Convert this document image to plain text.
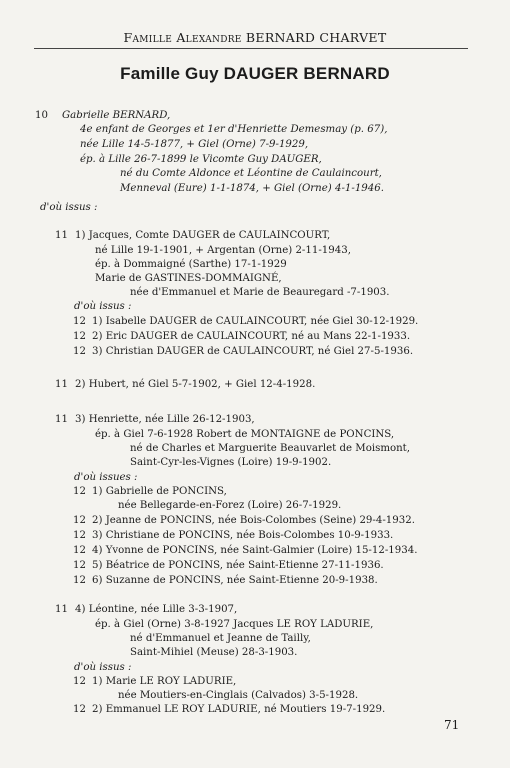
Famille Alexandre BERNARD CHARVET
Famille Guy DAUGER BERNARD
10 Gabrielle BERNARD,
4e enfant de Georges et 1er d'Henriette Demesmay (p. 67),
née Lille 14-5-1877, + Giel (Orne) 7-9-1929,
ép. à Lille 26-7-1899 le Vicomte Guy DAUGER,
né du Comte Aldonce et Léontine de Caulaincourt,
Menneval (Eure) 1-1-1874, + Giel (Orne) 4-1-1946.
d'où issus :
11 1) Jacques, Comte DAUGER de CAULAINCOURT,
né Lille 19-1-1901, + Argentan (Orne) 2-11-1943,
ép. à Dommaigné (Sarthe) 17-1-1929
Marie de GASTINES-DOMMAIGNÉ,
née d'Emmanuel et Marie de Beauregard -7-1903.
d'où issus :
12 1) Isabelle DAUGER de CAULAINCOURT, née Giel 30-12-1929.
12 2) Eric DAUGER de CAULAINCOURT, né au Mans 22-1-1933.
12 3) Christian DAUGER de CAULAINCOURT, né Giel 27-5-1936.
11 2) Hubert, né Giel 5-7-1902, + Giel 12-4-1928.
11 3) Henriette, née Lille 26-12-1903,
ép. à Giel 7-6-1928 Robert de MONTAIGNE de PONCINS,
né de Charles et Marguerite Beauvarlet de Moismont,
Saint-Cyr-les-Vignes (Loire) 19-9-1902.
d'où issues :
12 1) Gabrielle de PONCINS,
née Bellegarde-en-Forez (Loire) 26-7-1929.
12 2) Jeanne de PONCINS, née Bois-Colombes (Seine) 29-4-1932.
12 3) Christiane de PONCINS, née Bois-Colombes 10-9-1933.
12 4) Yvonne de PONCINS, née Saint-Galmier (Loire) 15-12-1934.
12 5) Béatrice de PONCINS, née Saint-Etienne 27-11-1936.
12 6) Suzanne de PONCINS, née Saint-Etienne 20-9-1938.
11 4) Léontine, née Lille 3-3-1907,
ép. à Giel (Orne) 3-8-1927 Jacques LE ROY LADURIE,
né d'Emmanuel et Jeanne de Tailly,
Saint-Mihiel (Meuse) 28-3-1903.
d'où issus :
12 1) Marie LE ROY LADURIE,
née Moutiers-en-Cinglais (Calvados) 3-5-1928.
12 2) Emmanuel LE ROY LADURIE, né Moutiers 19-7-1929.
71
